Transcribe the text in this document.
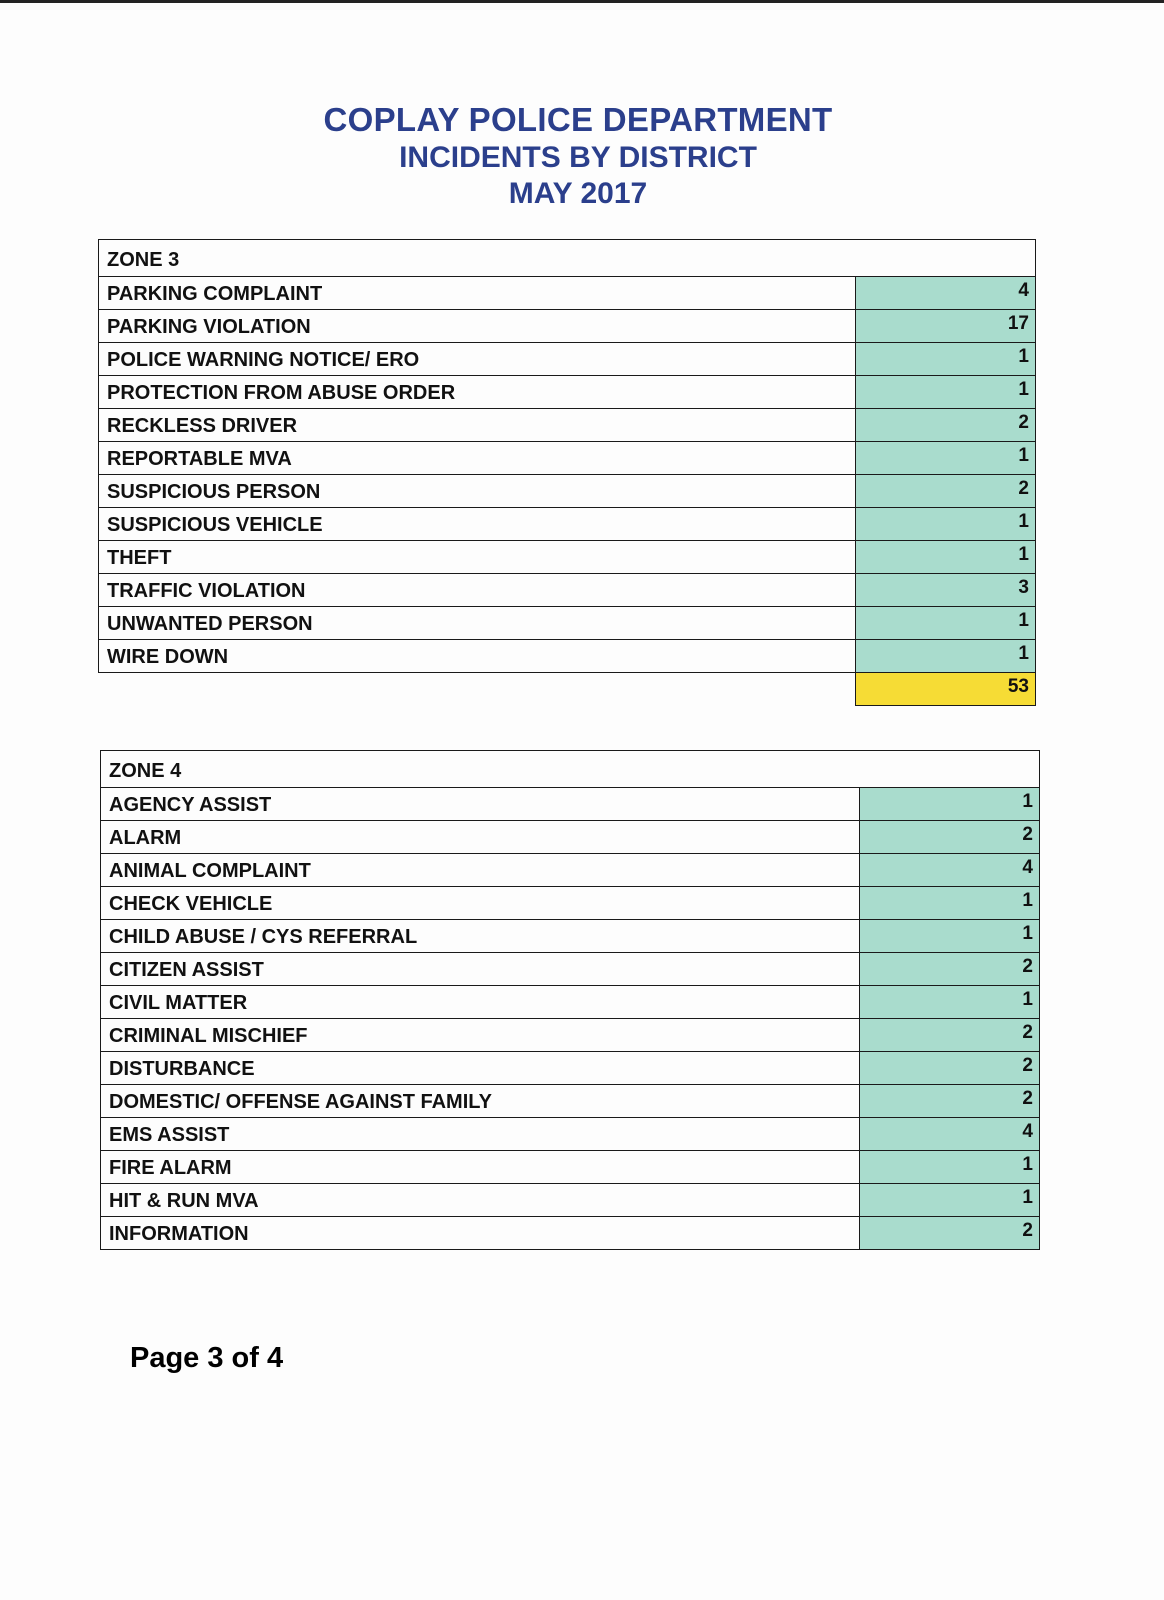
COPLAY POLICE DEPARTMENT
INCIDENTS BY DISTRICT
MAY 2017
ZONE 3	
PARKING COMPLAINT	4
PARKING VIOLATION	17
POLICE WARNING NOTICE/ ERO	1
PROTECTION FROM ABUSE ORDER	1
RECKLESS DRIVER	2
REPORTABLE MVA	1
SUSPICIOUS PERSON	2
SUSPICIOUS VEHICLE	1
THEFT	1
TRAFFIC VIOLATION	3
UNWANTED PERSON	1
WIRE DOWN	1
	53
ZONE 4	
AGENCY ASSIST	1
ALARM	2
ANIMAL COMPLAINT	4
CHECK VEHICLE	1
CHILD ABUSE / CYS REFERRAL	1
CITIZEN ASSIST	2
CIVIL MATTER	1
CRIMINAL MISCHIEF	2
DISTURBANCE	2
DOMESTIC/ OFFENSE AGAINST FAMILY	2
EMS ASSIST	4
FIRE ALARM	1
HIT & RUN MVA	1
INFORMATION	2
Page 3 of 4
